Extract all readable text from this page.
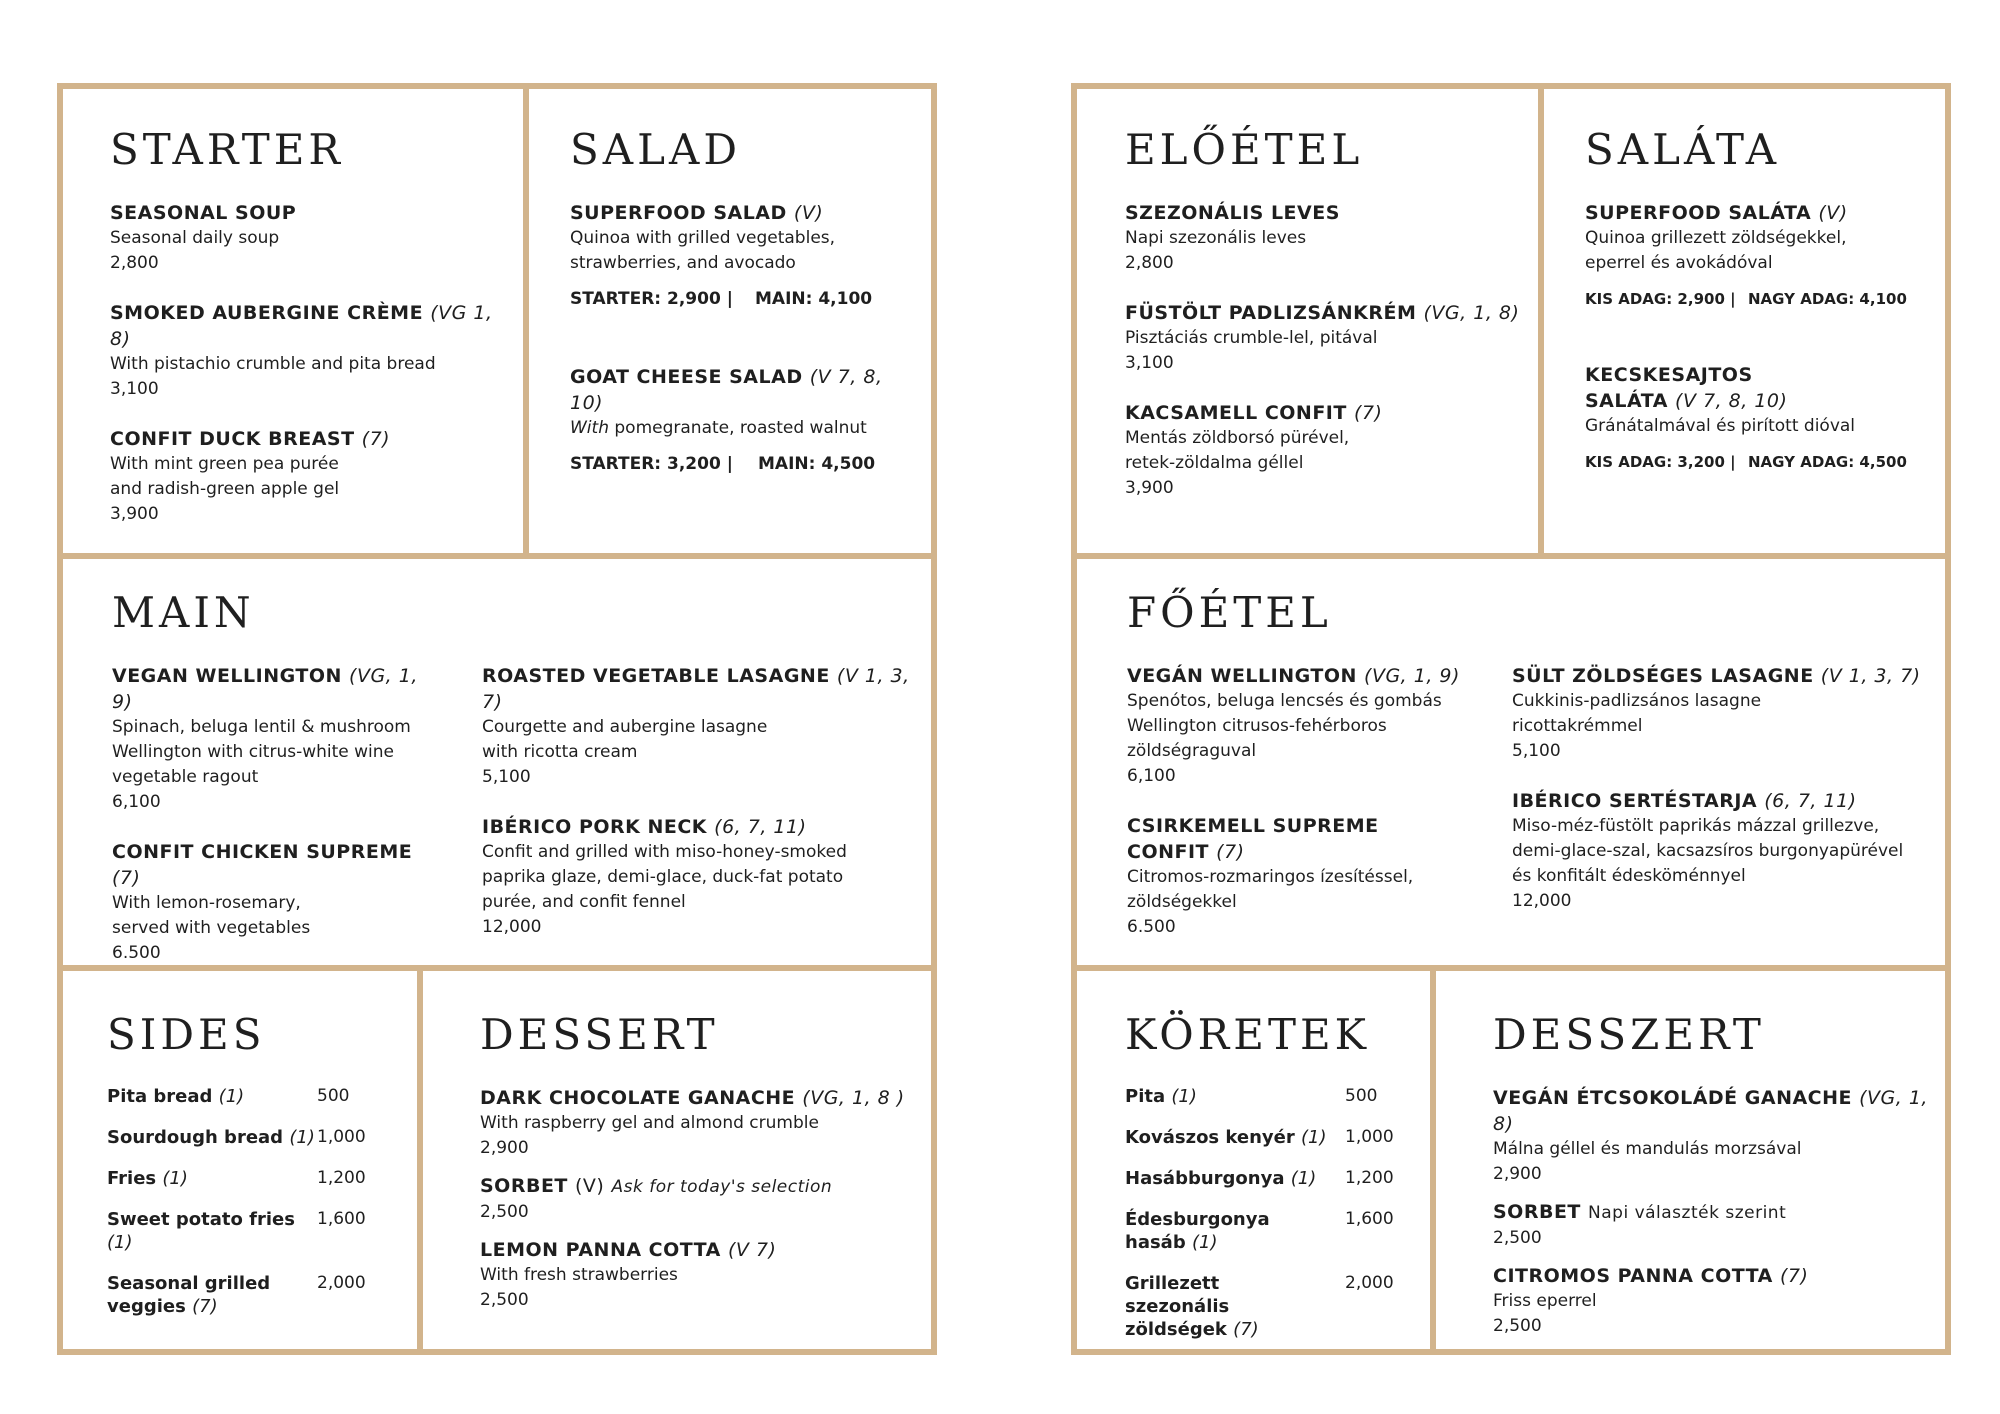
STARTER
SEASONAL SOUP
Seasonal daily soup
2,800
SMOKED AUBERGINE CRÈME (VG 1, 8)
With pistachio crumble and pita bread
3,100
CONFIT DUCK BREAST (7)
With mint green pea purée
and radish-green apple gel
3,900
SALAD
SUPERFOOD SALAD (V)
Quinoa with grilled vegetables,
strawberries, and avocado
STARTER: 2,900 | MAIN: 4,100
GOAT CHEESE SALAD (V 7, 8, 10)
With pomegranate, roasted walnut
STARTER: 3,200 | MAIN: 4,500
MAIN
VEGAN WELLINGTON (VG, 1, 9)
Spinach, beluga lentil & mushroom
Wellington with citrus-white wine
vegetable ragout
6,100
CONFIT CHICKEN SUPREME (7)
With lemon-rosemary,
served with vegetables
6.500
ROASTED VEGETABLE LASAGNE (V 1, 3, 7)
Courgette and aubergine lasagne
with ricotta cream
5,100
IBÉRICO PORK NECK (6, 7, 11)
Confit and grilled with miso-honey-smoked
paprika glaze, demi-glace, duck-fat potato
purée, and confit fennel
12,000
SIDES
Pita bread (1)	500
Sourdough bread (1) 1,000
Fries (1)	1,200
Sweet potato fries (1)
1,600
Seasonal grilled veggies (7)
2,000
DESSERT
DARK CHOCOLATE GANACHE (VG, 1, 8 )
With raspberry gel and almond crumble
2,900
SORBET (V) Ask for today's selection
2,500
LEMON PANNA COTTA (V 7)
With fresh strawberries
2,500
ELŐÉTEL
SZEZONÁLIS LEVES
Napi szezonális leves
2,800
FÜSTÖLT PADLIZSÁNKRÉM (VG, 1, 8)
Pisztáciás crumble-lel, pitával
3,100
KACSAMELL CONFIT (7)
Mentás zöldborsó pürével,
retek-zöldalma géllel
3,900
SALÁTA
SUPERFOOD SALÁTA (V)
Quinoa grillezett zöldségekkel,
eperrel és avokádóval
KIS ADAG: 2,900 | NAGY ADAG: 4,100
KECSKESAJTOS
SALÁTA (V 7, 8, 10)
Gránátalmával és pirított dióval
KIS ADAG: 3,200 | NAGY ADAG: 4,500
FŐÉTEL
VEGÁN WELLINGTON (VG, 1, 9)
Spenótos, beluga lencsés és gombás
Wellington citrusos-fehérboros
zöldségraguval
6,100
CSIRKEMELL SUPREME CONFIT (7)
Citromos-rozmaringos ízesítéssel,
zöldségekkel
6.500
SÜLT ZÖLDSÉGES LASAGNE (V 1, 3, 7)
Cukkinis-padlizsános lasagne
ricottakrémmel
5,100
IBÉRICO SERTÉSTARJA (6, 7, 11)
Miso-méz-füstölt paprikás mázzal grillezve,
demi-glace-szal, kacsazsíros burgonyapürével
és konfitált édesköménnyel
12,000
KÖRETEK
Pita (1)	500
Kovászos kenyér (1)	1,000
Hasábburgonya (1)	1,200
Édesburgonya hasáb (1)
1,600
Grillezett szezonális zöldségek (7)
2,000
DESSZERT
VEGÁN ÉTCSOKOLÁDÉ GANACHE (VG, 1, 8)
Málna géllel és mandulás morzsával
2,900
SORBET Napi választék szerint
2,500
CITROMOS PANNA COTTA (7)
Friss eperrel
2,500
